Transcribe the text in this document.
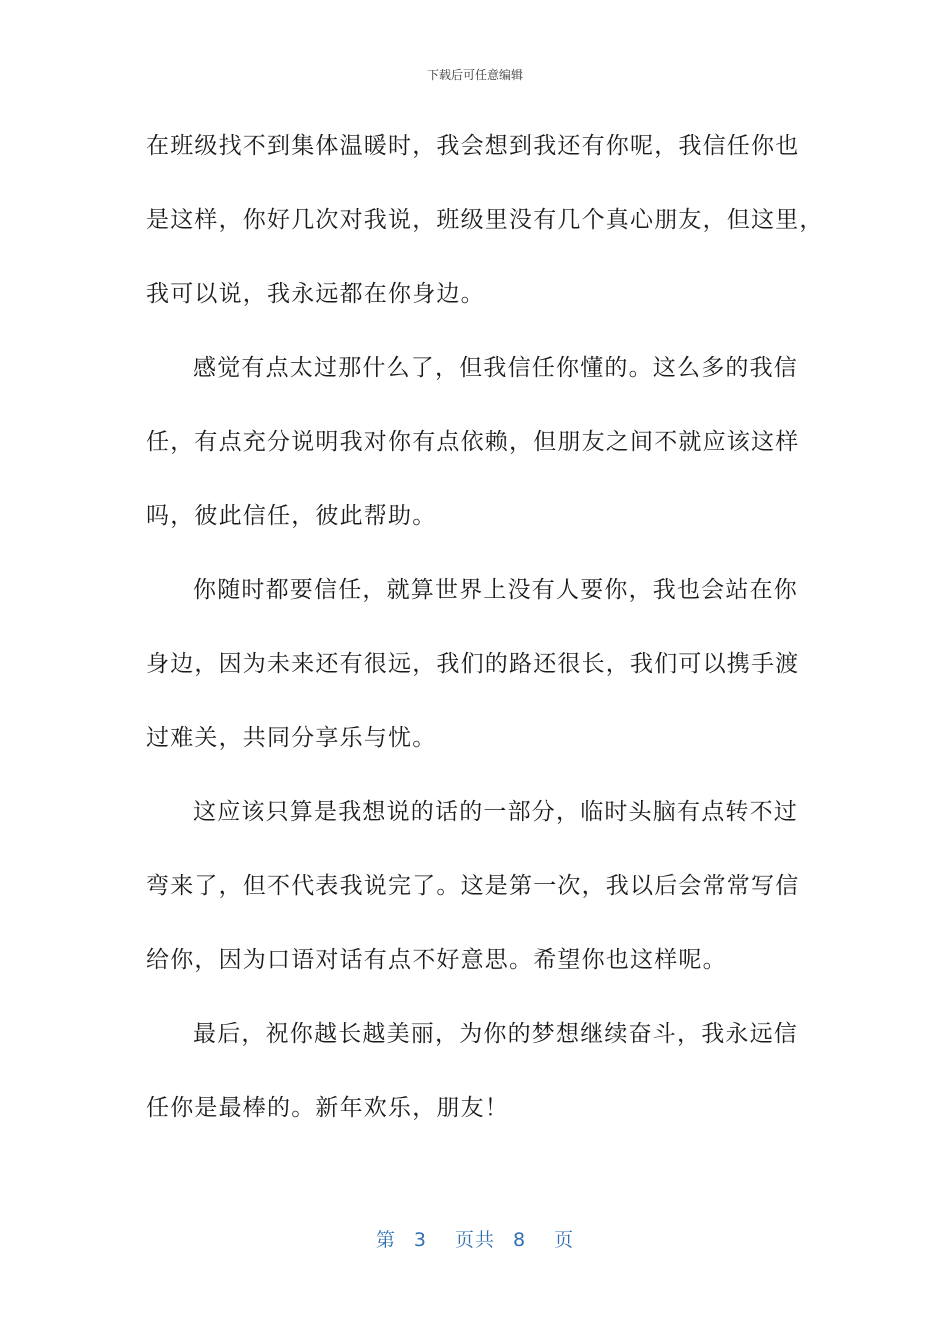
下载后可任意编辑
在班级找不到集体温暖时，我会想到我还有你呢，我信任你也
是这样，你好几次对我说，班级里没有几个真心朋友，但这里，
我可以说，我永远都在你身边。
感觉有点太过那什么了，但我信任你懂的。这么多的我信
任，有点充分说明我对你有点依赖，但朋友之间不就应该这样
吗，彼此信任，彼此帮助。
你随时都要信任，就算世界上没有人要你，我也会站在你
身边，因为未来还有很远，我们的路还很长，我们可以携手渡
过难关，共同分享乐与忧。
这应该只算是我想说的话的一部分，临时头脑有点转不过
弯来了，但不代表我说完了。这是第一次，我以后会常常写信
给你，因为口语对话有点不好意思。希望你也这样呢。
最后，祝你越长越美丽，为你的梦想继续奋斗，我永远信
任你是最棒的。新年欢乐，朋友！
第 3 页共 8 页
